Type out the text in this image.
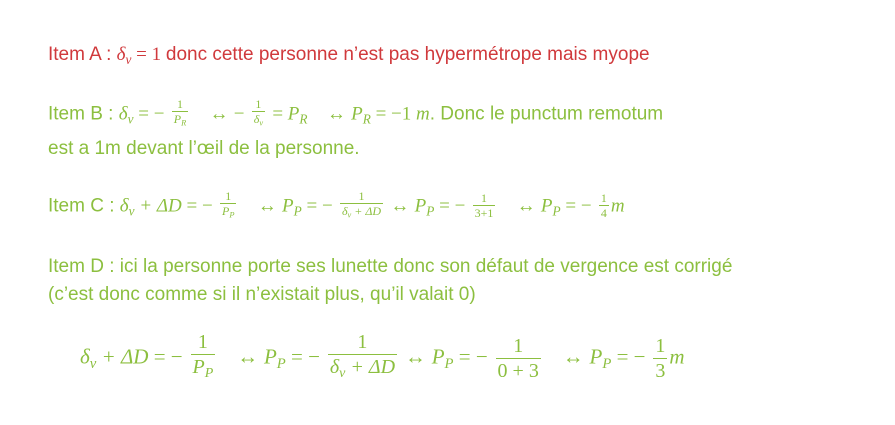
Item A : $\delta_v = 1$ donc cette personne n’est pas hypermétrope mais myope
Item B : $\delta_v$ = − $\frac{1}{P_R}$ ↔ − $\frac{1}{\delta_v} = P_R$ ↔ $P_R = -1$ m. Donc le punctum remotum
est a 1m devant l’œil de la personne.
Item C : $\delta_v + \Delta D$ = − $\frac{1}{P_P}$ ↔ $P_P$ = − $\frac{1}{\delta_v + \Delta D}$ ↔ $P_P$ = − $\frac{1}{3+1}$ ↔ $P_P$ = − $\frac{1}{4}$ m
Item D : ici la personne porte ses lunette donc son défaut de vergence est corrigé
(c’est donc comme si il n’existait plus, qu’il valait 0)
$\delta_v + \Delta D$ = − $\frac{1}{P_P}$ ↔ $P_P$ = − $\frac{1}{\delta_v + \Delta D}$ ↔ $P_P$ = − $\frac{1}{0 + 3}$ ↔ $P_P$ = − $\frac{1}{3}$ m
